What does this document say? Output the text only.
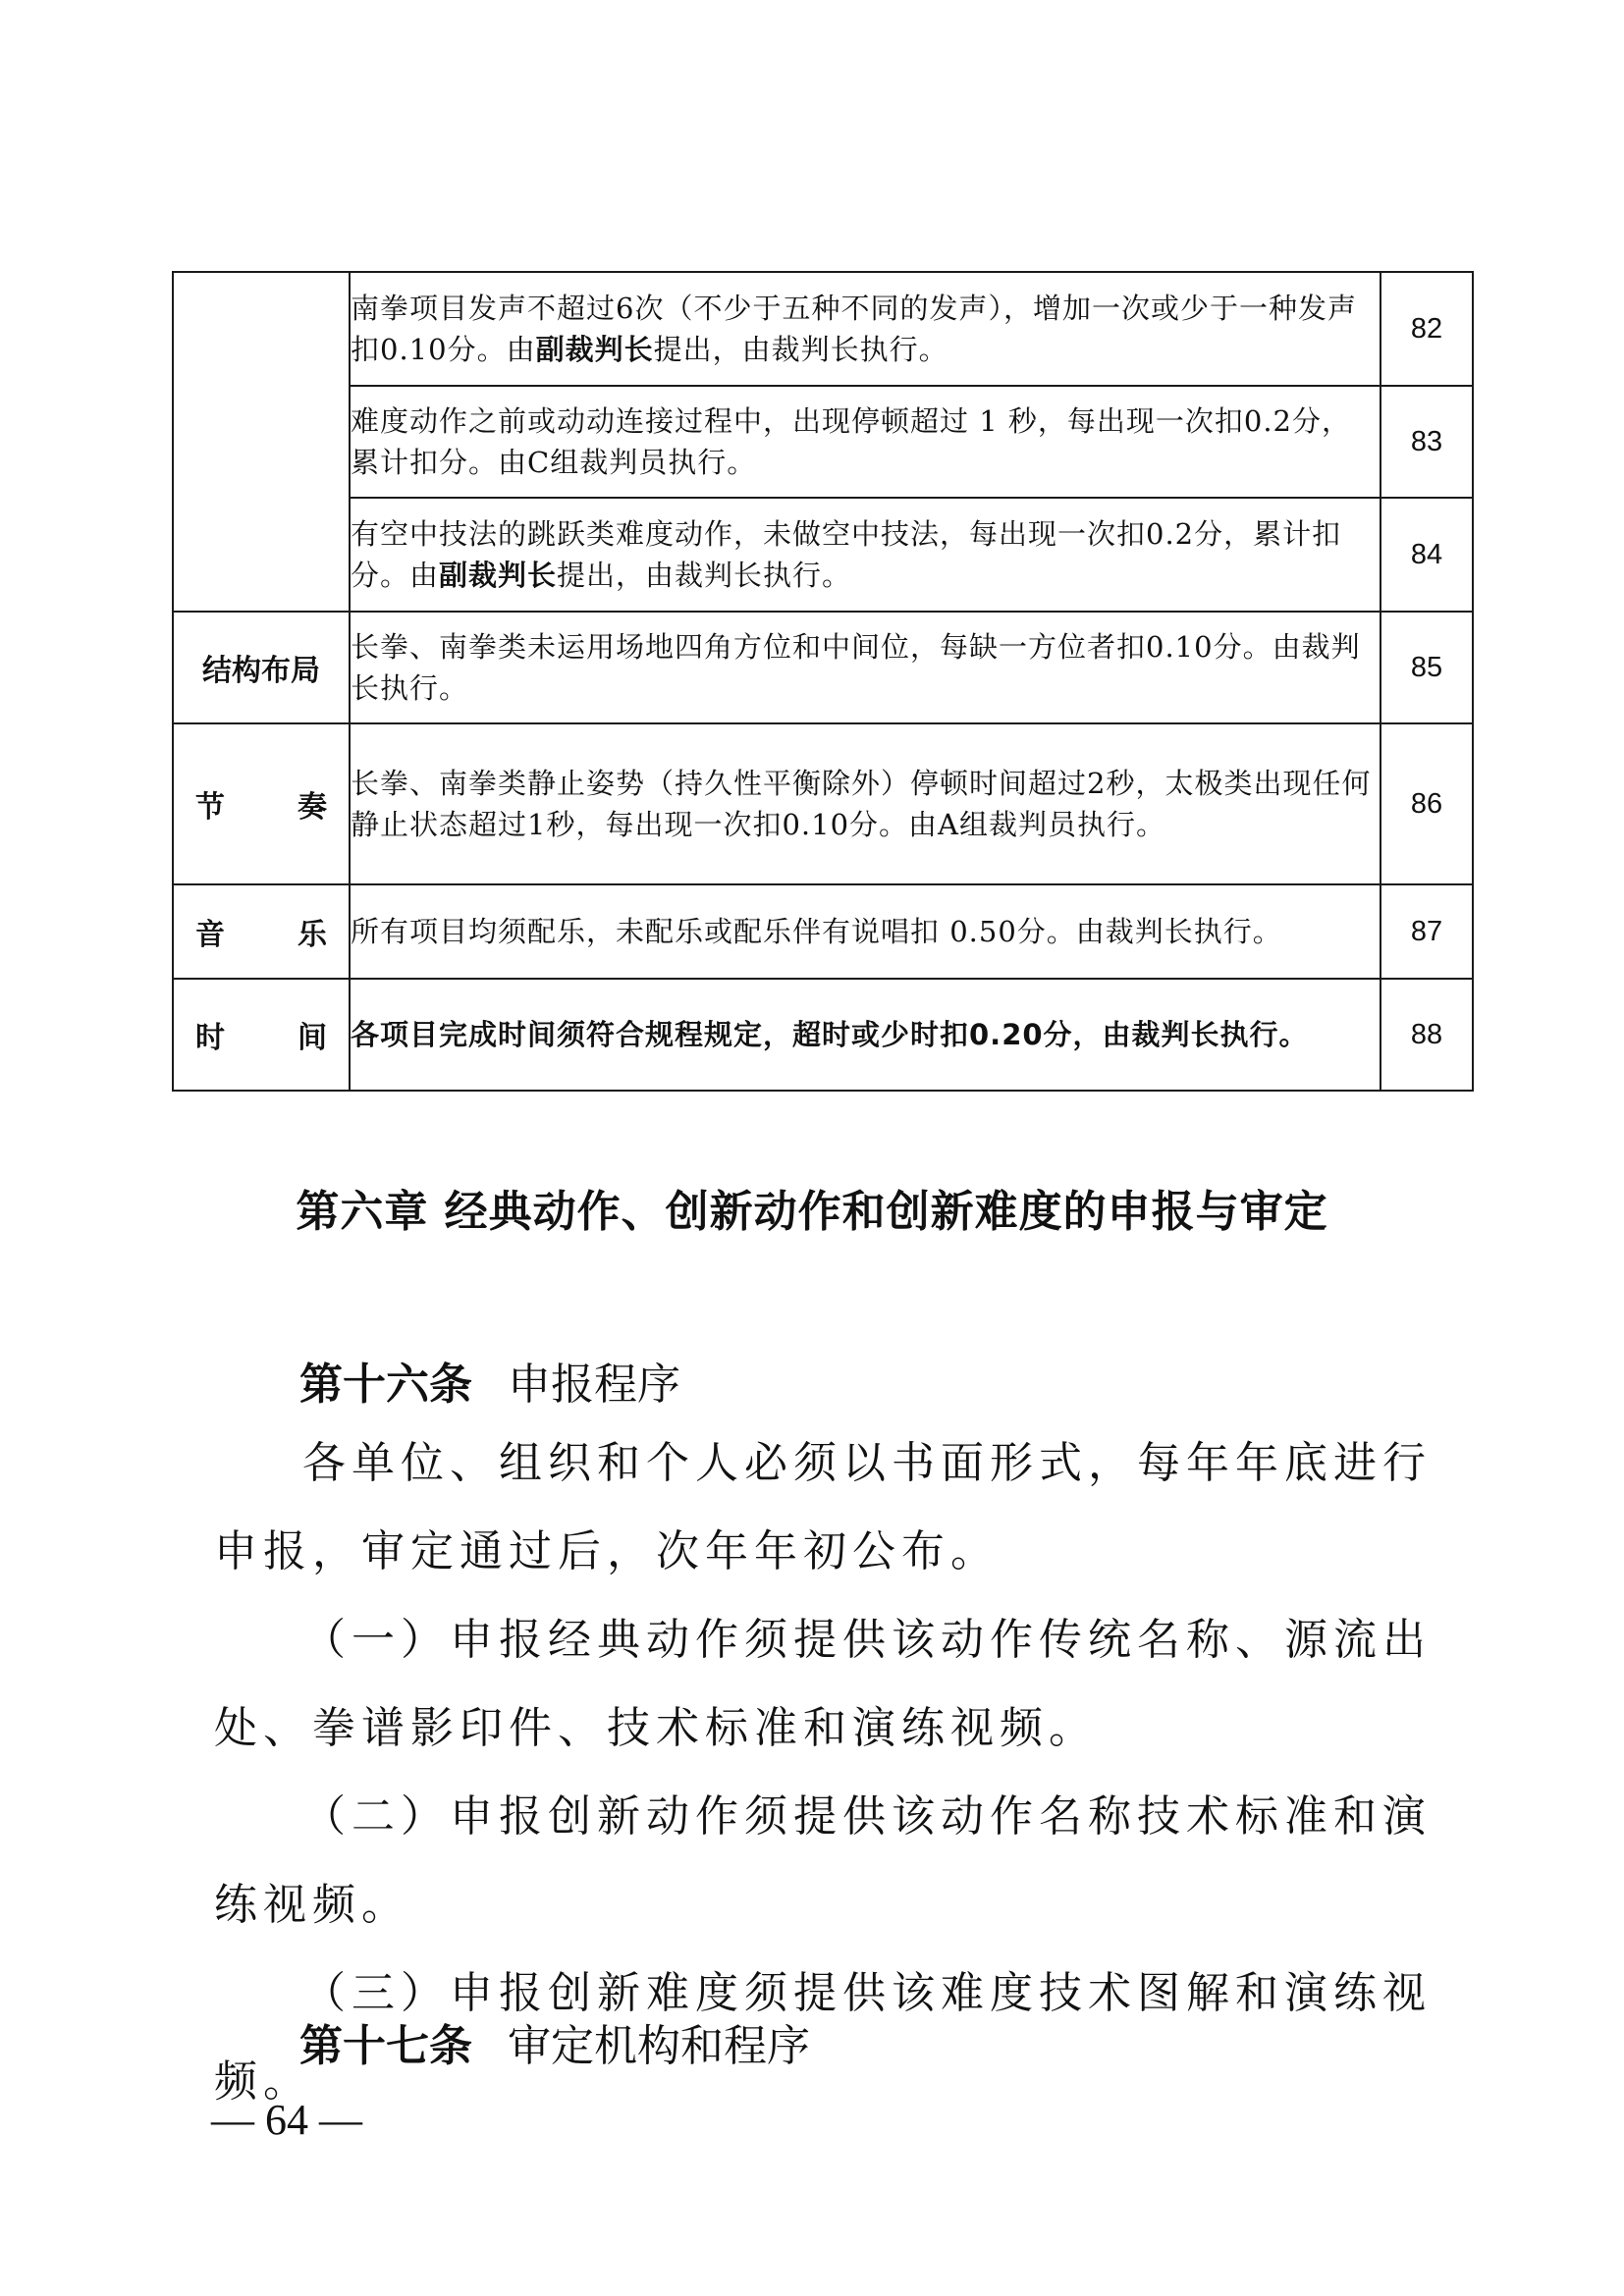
	南拳项目发声不超过6次（不少于五种不同的发声），增加一次或少于一种发声扣0.10分。由副裁判长提出，由裁判长执行。	82
	难度动作之前或动动连接过程中，出现停顿超过 1 秒，每出现一次扣0.2分，累计扣分。由C组裁判员执行。	83
	有空中技法的跳跃类难度动作，未做空中技法，每出现一次扣0.2分，累计扣分。由副裁判长提出，由裁判长执行。	84
结构布局	长拳、南拳类未运用场地四角方位和中间位，每缺一方位者扣0.10分。由裁判长执行。	85

节 奏	长拳、南拳类静止姿势（持久性平衡除外）停顿时间超过2秒，太极类出现任何静止状态超过1秒，每出现一次扣0.10分。由A组裁判员执行。	86

音 乐	所有项目均须配乐，未配乐或配乐伴有说唱扣 0.50分。由裁判长执行。	87

时 间	各项目完成时间须符合规程规定，超时或少时扣0.20分，由裁判长执行。	88
第六章 经典动作、创新动作和创新难度的申报与审定
第十六条 申报程序

各单位、组织和个人必须以书面形式，每年年底进行申报，审定通过后，次年年初公布。

（一）申报经典动作须提供该动作传统名称、源流出处、拳谱影印件、技术标准和演练视频。

（二）申报创新动作须提供该动作名称技术标准和演练视频。

（三）申报创新难度须提供该难度技术图解和演练视频。

第十七条 审定机构和程序
— 64 —
